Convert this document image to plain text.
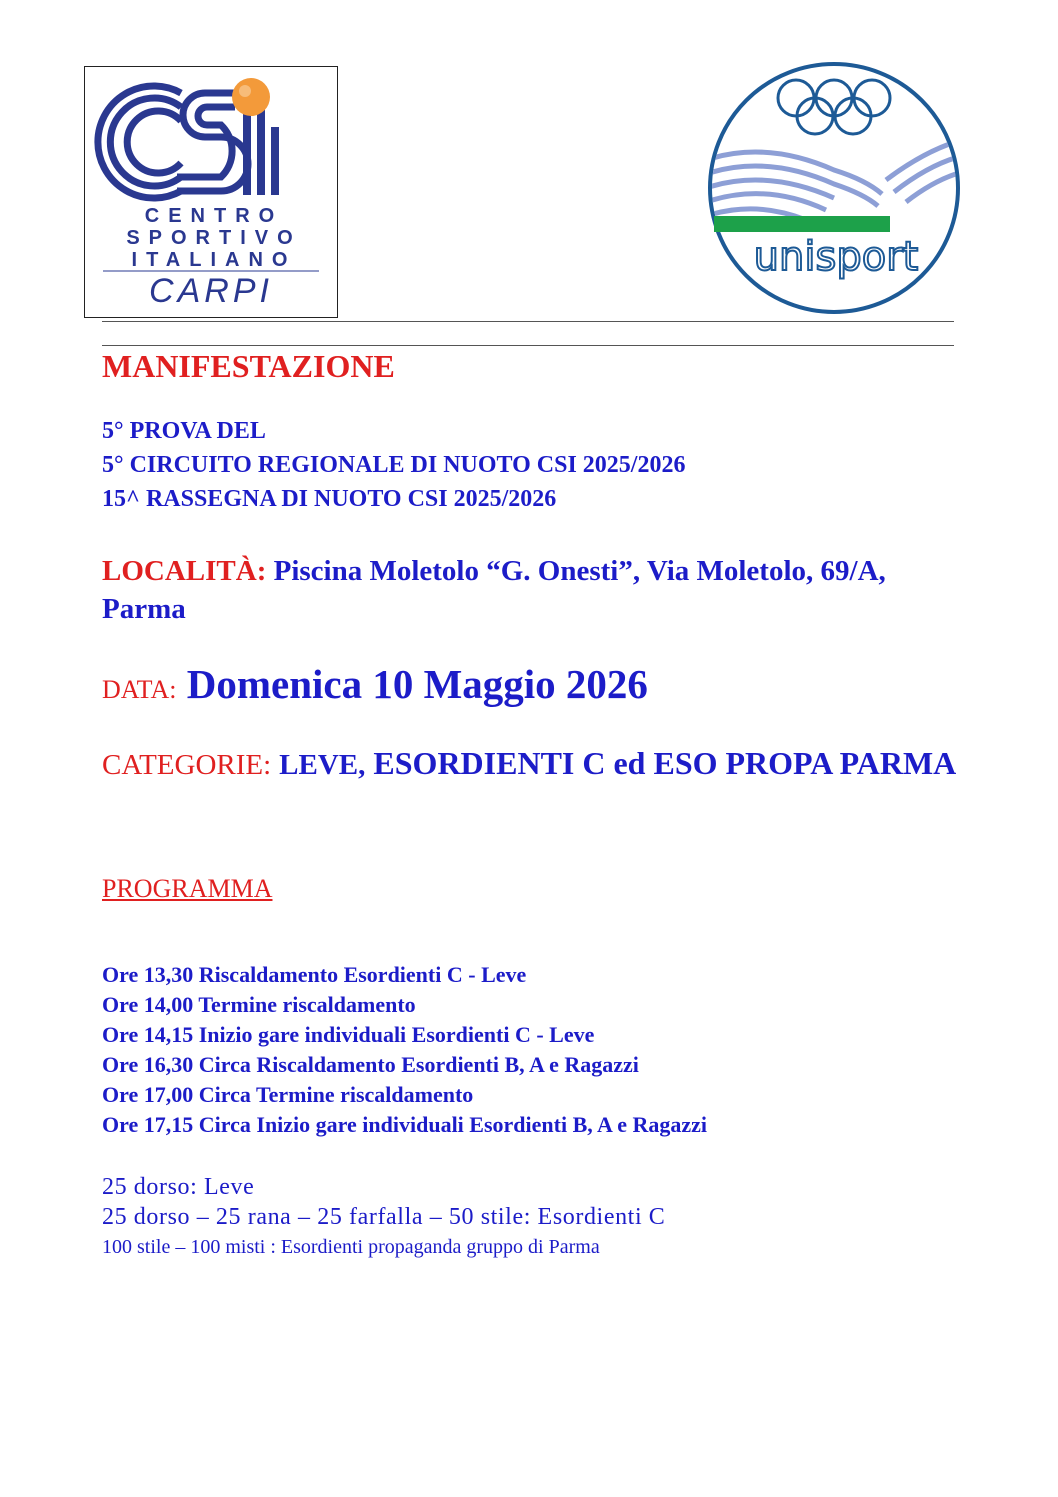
CENTRO
SPORTIVO
ITALIANO
CARPI
unisport
MANIFESTAZIONE
5° PROVA DEL
5° CIRCUITO REGIONALE DI NUOTO CSI 2025/2026
15^ RASSEGNA DI NUOTO CSI 2025/2026
LOCALITÀ: Piscina Moletolo “G. Onesti”, Via Moletolo, 69/A, Parma
DATA: Domenica 10 Maggio 2026
CATEGORIE: LEVE, ESORDIENTI C ed ESO PROPA PARMA
PROGRAMMA
Ore 13,30 Riscaldamento Esordienti C - Leve
Ore 14,00 Termine riscaldamento
Ore 14,15 Inizio gare individuali Esordienti C - Leve
Ore 16,30 Circa Riscaldamento Esordienti B, A e Ragazzi
Ore 17,00 Circa Termine riscaldamento
Ore 17,15 Circa Inizio gare individuali Esordienti B, A e Ragazzi
25 dorso: Leve
25 dorso – 25 rana – 25 farfalla – 50 stile: Esordienti C
100 stile – 100 misti : Esordienti propaganda gruppo di Parma
